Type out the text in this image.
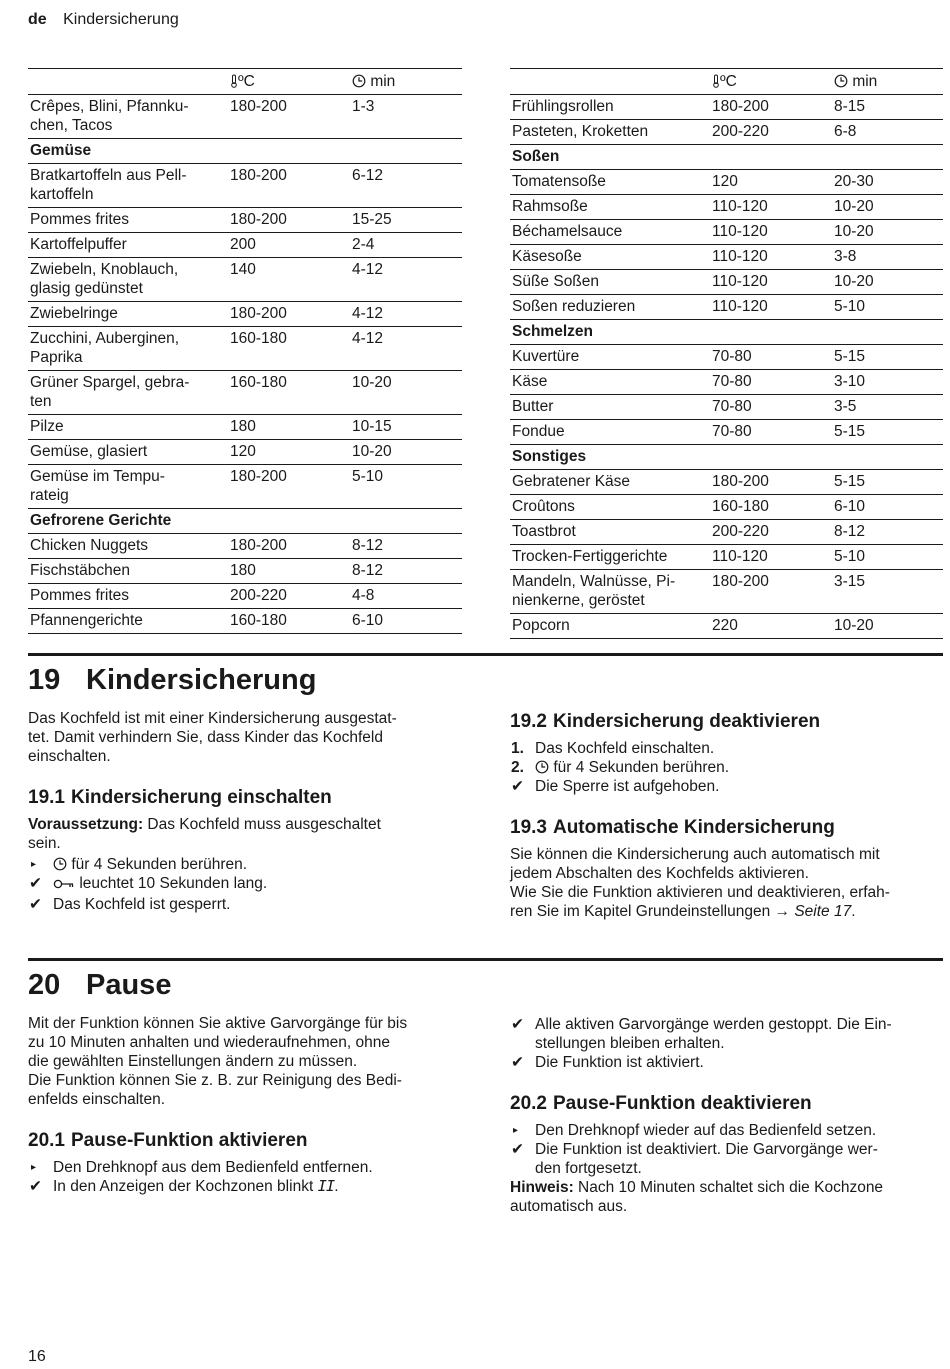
de Kindersicherung
	ºC	min
Crêpes, Blini, Pfannku-
chen, Tacos	180-200	1-3
Gemüse		
Bratkartoffeln aus Pell-
kartoffeln	180-200	6-12
Pommes frites	180-200	15-25
Kartoffelpuffer	200	2-4
Zwiebeln, Knoblauch,
glasig gedünstet	140	4-12
Zwiebelringe	180-200	4-12
Zucchini, Auberginen,
Paprika	160-180	4-12
Grüner Spargel, gebra-
ten	160-180	10-20
Pilze	180	10-15
Gemüse, glasiert	120	10-20
Gemüse im Tempu-
rateig	180-200	5-10
Gefrorene Gerichte		
Chicken Nuggets	180-200	8-12
Fischstäbchen	180	8-12
Pommes frites	200-220	4-8
Pfannengerichte	160-180	6-10
	ºC	min
Frühlingsrollen	180-200	8-15
Pasteten, Kroketten	200-220	6-8
Soßen		
Tomatensoße	120	20-30
Rahmsoße	110-120	10-20
Béchamelsauce	110-120	10-20
Käsesoße	110-120	3-8
Süße Soßen	110-120	10-20
Soßen reduzieren	110-120	5-10
Schmelzen		
Kuvertüre	70-80	5-15
Käse	70-80	3-10
Butter	70-80	3-5
Fondue	70-80	5-15
Sonstiges		
Gebratener Käse	180-200	5-15
Croûtons	160-180	6-10
Toastbrot	200-220	8-12
Trocken-Fertiggerichte	110-120	5-10
Mandeln, Walnüsse, Pi-
nienkerne, geröstet	180-200	3-15
Popcorn	220	10-20
19 Kindersicherung

Das Kochfeld ist mit einer Kindersicherung ausgestat-
tet. Damit verhindern Sie, dass Kinder das Kochfeld
einschalten.

19.1 Kindersicherung einschalten

Voraussetzung: Das Kochfeld muss ausgeschaltet
sein.

▸	für 4 Sekunden berühren.

✔	leuchtet 10 Sekunden lang.

✔ Das Kochfeld ist gesperrt.

19.2 Kindersicherung deaktivieren

1. Das Kochfeld einschalten.

2.	für 4 Sekunden berühren.

✔ Die Sperre ist aufgehoben.

19.3 Automatische Kindersicherung

Sie können die Kindersicherung auch automatisch mit
jedem Abschalten des Kochfelds aktivieren.

Wie Sie die Funktion aktivieren und deaktivieren, erfah-
ren Sie im Kapitel Grundeinstellungen → Seite 17.

20 Pause

Mit der Funktion können Sie aktive Garvorgänge für bis
zu 10 Minuten anhalten und wiederaufnehmen, ohne
die gewählten Einstellungen ändern zu müssen.

Die Funktion können Sie z. B. zur Reinigung des Bedi-
enfelds einschalten.

20.1 Pause-Funktion aktivieren

▸	Den Drehknopf aus dem Bedienfeld entfernen.

✔ In den Anzeigen der Kochzonen blinkt II.

✔ Alle aktiven Garvorgänge werden gestoppt. Die Ein-
stellungen bleiben erhalten.

✔ Die Funktion ist aktiviert.

20.2 Pause-Funktion deaktivieren

▸	Den Drehknopf wieder auf das Bedienfeld setzen.

✔ Die Funktion ist deaktiviert. Die Garvorgänge wer-
den fortgesetzt.

Hinweis: Nach 10 Minuten schaltet sich die Kochzone
automatisch aus.

16
